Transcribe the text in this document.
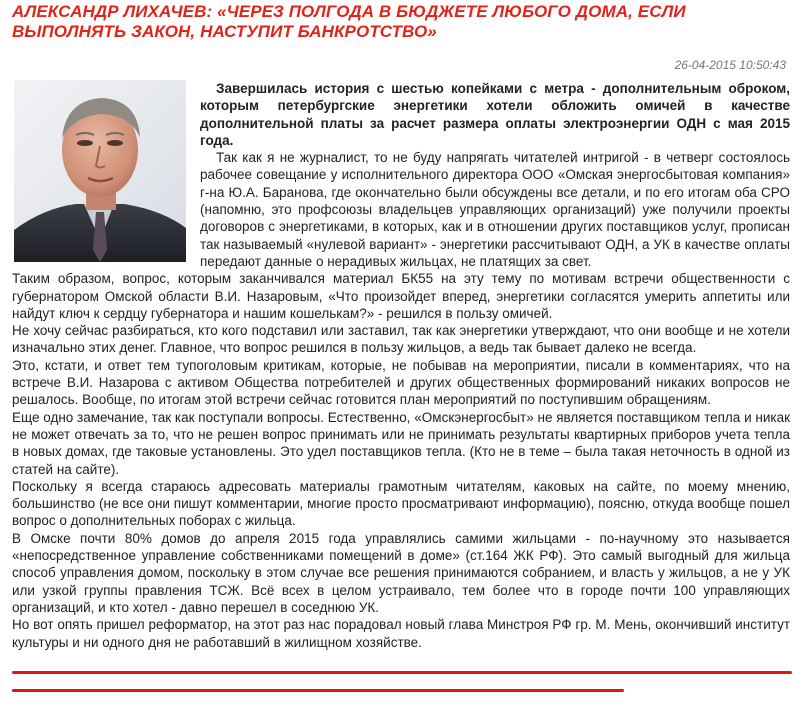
АЛЕКСАНДР ЛИХАЧЕВ: «ЧЕРЕЗ ПОЛГОДА В БЮДЖЕТЕ ЛЮБОГО ДОМА, ЕСЛИ ВЫПОЛНЯТЬ ЗАКОН, НАСТУПИТ БАНКРОТСТВО»
26-04-2015 10:50:43

Завершилась история с шестью копейками с метра - дополнительным оброком, которым петербургские энергетики хотели обложить омичей в качестве дополнительной платы за расчет размера оплаты электроэнергии ОДН с мая 2015 года.

Так как я не журналист, то не буду напрягать читателей интригой - в четверг состоялось рабочее совещание у исполнительного директора ООО «Омская энергосбытовая компания» г-на Ю.А. Баранова, где окончательно были обсуждены все детали, и по его итогам оба СРО (напомню, это профсоюзы владельцев управляющих организаций) уже получили проекты договоров с энергетиками, в которых, как и в отношении других поставщиков услуг, прописан так называемый «нулевой вариант» - энергетики рассчитывают ОДН, а УК в качестве оплаты передают данные о нерадивых жильцах, не платящих за свет.

Таким образом, вопрос, которым заканчивался материал БК55 на эту тему по мотивам встречи общественности с губернатором Омской области В.И. Назаровым, «Что произойдет вперед, энергетики согласятся умерить аппетиты или найдут ключ к сердцу губернатора и нашим кошелькам?» - решился в пользу омичей.

Не хочу сейчас разбираться, кто кого подставил или заставил, так как энергетики утверждают, что они вообще и не хотели изначально этих денег. Главное, что вопрос решился в пользу жильцов, а ведь так бывает далеко не всегда.

Это, кстати, и ответ тем тупоголовым критикам, которые, не побывав на мероприятии, писали в комментариях, что на встрече В.И. Назарова с активом Общества потребителей и других общественных формирований никаких вопросов не решалось. Вообще, по итогам этой встречи сейчас готовится план мероприятий по поступившим обращениям.

Еще одно замечание, так как поступали вопросы. Естественно, «Омскэнергосбыт» не является поставщиком тепла и никак не может отвечать за то, что не решен вопрос принимать или не принимать результаты квартирных приборов учета тепла в новых домах, где таковые установлены. Это удел поставщиков тепла. (Кто не в теме – была такая неточность в одной из статей на сайте).

Поскольку я всегда стараюсь адресовать материалы грамотным читателям, каковых на сайте, по моему мнению, большинство (не все они пишут комментарии, многие просто просматривают информацию), поясню, откуда вообще пошел вопрос о дополнительных поборах с жильца.

В Омске почти 80% домов до апреля 2015 года управлялись самими жильцами - по-научному это называется «непосредственное управление собственниками помещений в доме» (ст.164 ЖК РФ). Это самый выгодный для жильца способ управления домом, поскольку в этом случае все решения принимаются собранием, и власть у жильцов, а не у УК или узкой группы правления ТСЖ. Всё всех в целом устраивало, тем более что в городе почти 100 управляющих организаций, и кто хотел - давно перешел в соседнюю УК.

Но вот опять пришел реформатор, на этот раз нас порадовал новый глава Минстроя РФ гр. М. Мень, окончивший институт культуры и ни одного дня не работавший в жилищном хозяйстве.
